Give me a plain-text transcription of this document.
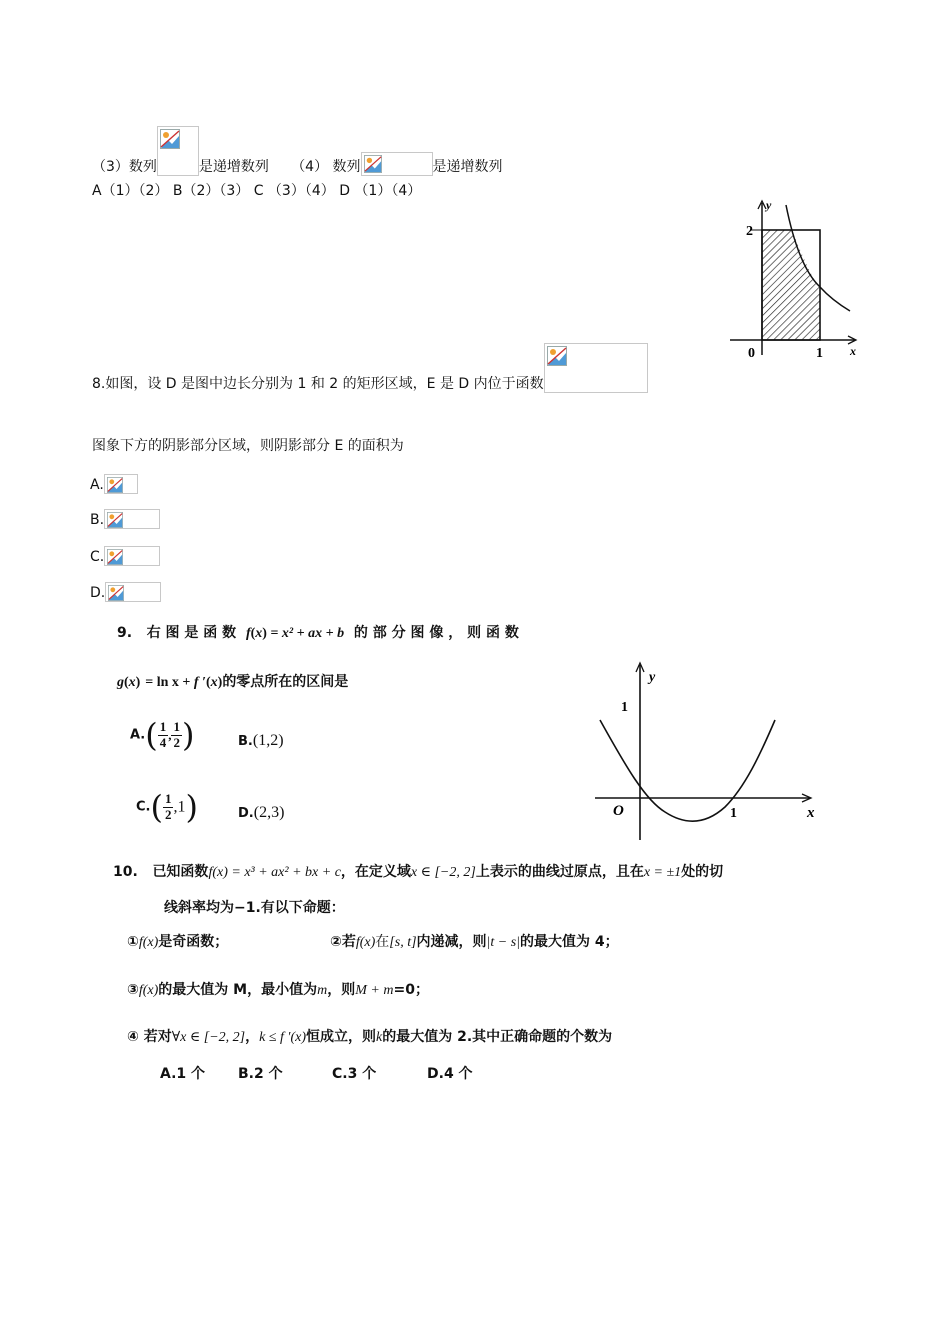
（3）数列	是递增数列 （4） 数列	是递增数列
A（1）（2） B（2）（3） C （3）（4） D （1）（4）
2
y
x
0	1
8.如图，设 D 是图中边长分别为 1 和 2 的矩形区域，E 是 D 内位于函数
图象下方的阴影部分区域，则阴影部分 E 的面积为
A.
B.
C.
D.
9. 右 图 是 函 数 f(x) = x² + ax + b 的 部 分 图 像 ， 则 函 数
g(x) = ln x + f ′(x)的零点所在的区间是
$A.( \frac{1}{4}$ , $\frac{1}{2}$ )	B.(1,2)
$C.( \frac{1}{2} ,1)$	D.(2,3)
1
y
O	1	x
10. 已知函数f(x) = x³ + ax² + bx + c，在定义域x ∈ [−2, 2]上表示的曲线过原点，且在x = ±1处的切
线斜率均为−1.有以下命题：
①f(x)是奇函数；	②若f(x)在[s, t]内递减，则|t − s|的最大值为 4；
③f(x)的最大值为 M，最小值为m，则M + m=0；
④ 若对∀x ∈ [−2, 2]，k ≤ f ′(x)恒成立，则k的最大值为 2.其中正确命题的个数为
A.1 个 B.2 个	C.3 个	D.4 个
